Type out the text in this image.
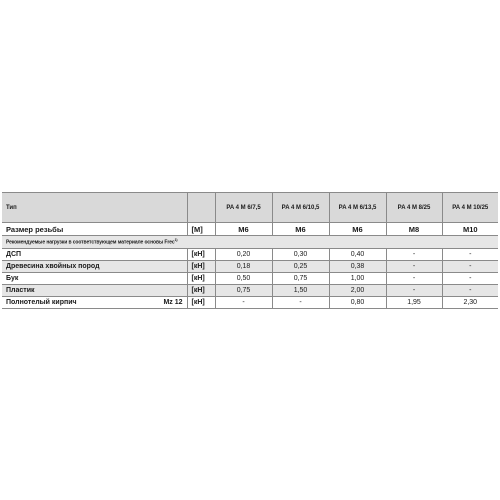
Тип		PA 4 M 6/7,5	PA 4 M 6/10,5	PA 4 M 6/13,5	PA 4 M 8/25	PA 4 M 10/25
Размер резьбы	[M]	M6	M6	M6	M8	M10
Рекомендуемые нагрузки в соответствующем материале основы Frec$^{1)}$
ДСП	[кН]	0,20	0,30	0,40	-	-
Древесина хвойных пород	[кН]	0,18	0,25	0,38	-	-
Бук	[кН]	0,50	0,75	1,00	-	-
Пластик	[кН]	0,75	1,50	2,00	-	-

Полнотелый кирпич Mz 12	[кН]	-	-	0,80	1,95	2,30
